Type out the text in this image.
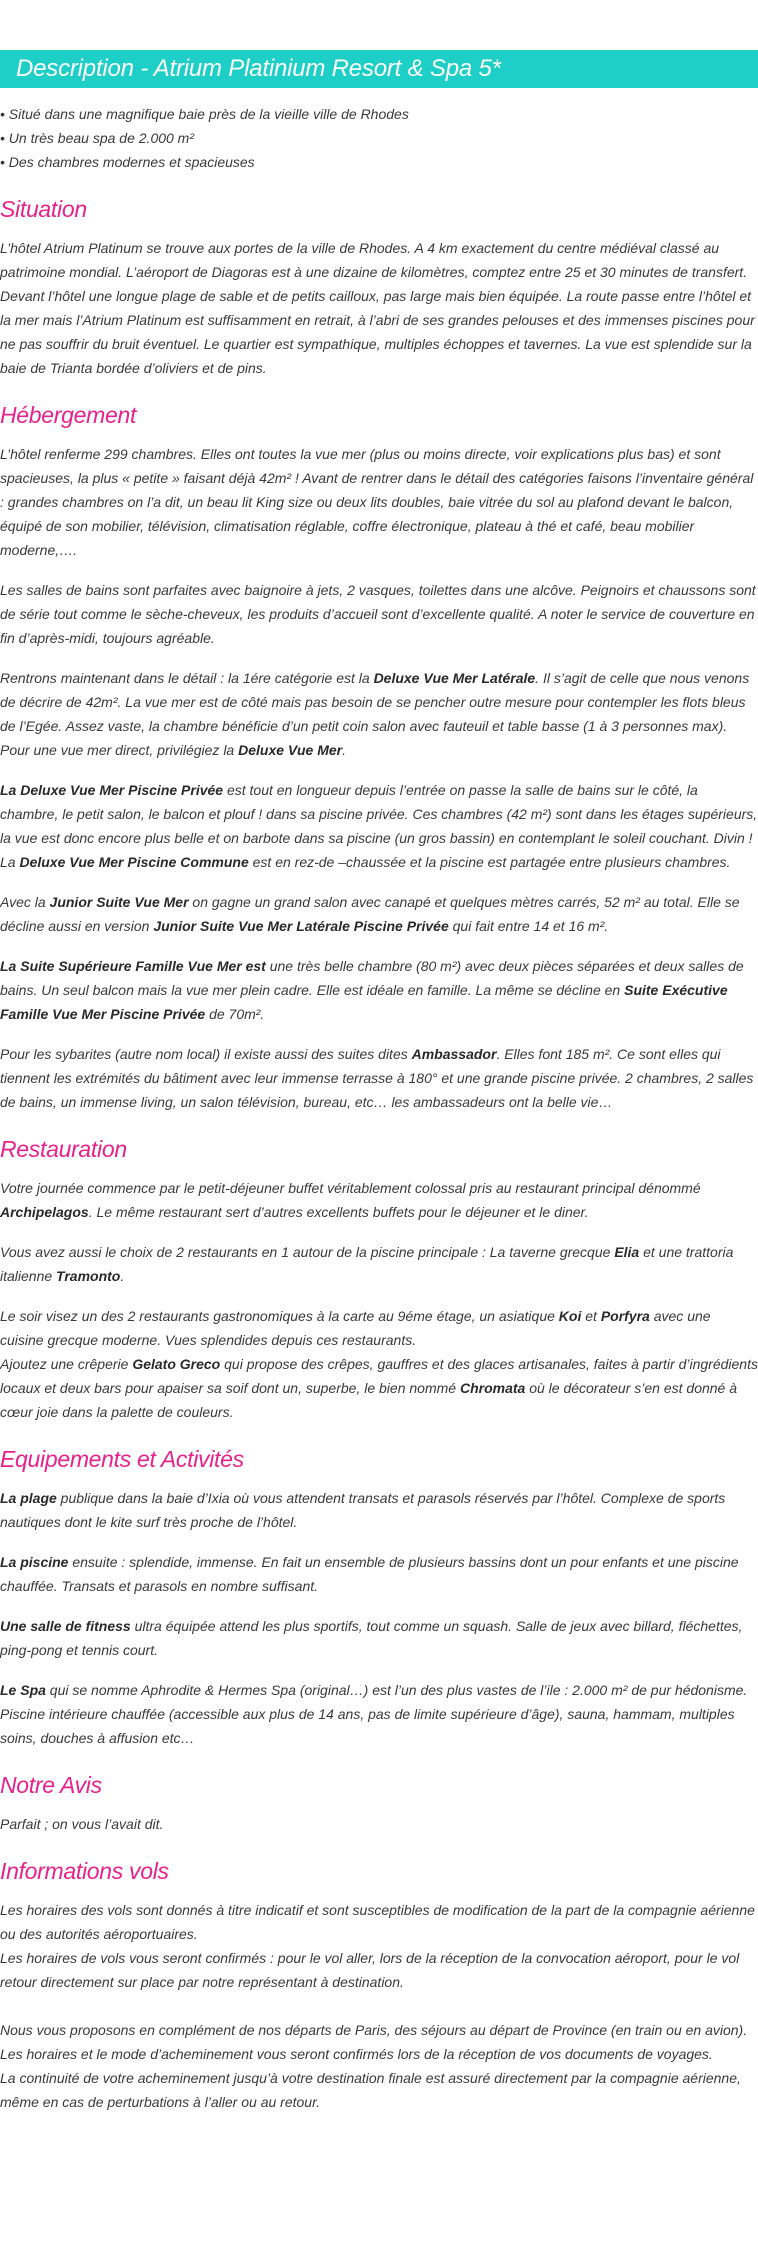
Description - Atrium Platinium Resort & Spa 5*
• Situé dans une magnifique baie près de la vieille ville de Rhodes
• Un très beau spa de 2.000 m²
• Des chambres modernes et spacieuses
Situation

L’hôtel Atrium Platinum se trouve aux portes de la ville de Rhodes. A 4 km exactement du centre médiéval classé au patrimoine mondial. L’aéroport de Diagoras est à une dizaine de kilomètres, comptez entre 25 et 30 minutes de transfert. Devant l’hôtel une longue plage de sable et de petits cailloux, pas large mais bien équipée. La route passe entre l’hôtel et la mer mais l’Atrium Platinum est suffisamment en retrait, à l’abri de ses grandes pelouses et des immenses piscines pour ne pas souffrir du bruit éventuel. Le quartier est sympathique, multiples échoppes et tavernes. La vue est splendide sur la baie de Trianta bordée d’oliviers et de pins.

Hébergement

L’hôtel renferme 299 chambres. Elles ont toutes la vue mer (plus ou moins directe, voir explications plus bas) et sont spacieuses, la plus « petite » faisant déjà 42m² ! Avant de rentrer dans le détail des catégories faisons l’inventaire général : grandes chambres on l’a dit, un beau lit King size ou deux lits doubles, baie vitrée du sol au plafond devant le balcon, équipé de son mobilier, télévision, climatisation réglable, coffre électronique, plateau à thé et café, beau mobilier moderne,….

Les salles de bains sont parfaites avec baignoire à jets, 2 vasques, toilettes dans une alcôve. Peignoirs et chaussons sont de série tout comme le sèche-cheveux, les produits d’accueil sont d’excellente qualité. A noter le service de couverture en fin d’après-midi, toujours agréable.

Rentrons maintenant dans le détail : la 1ére catégorie est la Deluxe Vue Mer Latérale. Il s’agit de celle que nous venons de décrire de 42m². La vue mer est de côté mais pas besoin de se pencher outre mesure pour contempler les flots bleus de l’Egée. Assez vaste, la chambre bénéficie d’un petit coin salon avec fauteuil et table basse (1 à 3 personnes max). Pour une vue mer direct, privilégiez la Deluxe Vue Mer.

La Deluxe Vue Mer Piscine Privée est tout en longueur depuis l’entrée on passe la salle de bains sur le côté, la chambre, le petit salon, le balcon et plouf ! dans sa piscine privée. Ces chambres (42 m²) sont dans les étages supérieurs, la vue est donc encore plus belle et on barbote dans sa piscine (un gros bassin) en contemplant le soleil couchant. Divin ! La Deluxe Vue Mer Piscine Commune est en rez-de –chaussée et la piscine est partagée entre plusieurs chambres.

Avec la Junior Suite Vue Mer on gagne un grand salon avec canapé et quelques mètres carrés, 52 m² au total. Elle se décline aussi en version Junior Suite Vue Mer Latérale Piscine Privée qui fait entre 14 et 16 m².

La Suite Supérieure Famille Vue Mer est une très belle chambre (80 m²) avec deux pièces séparées et deux salles de bains. Un seul balcon mais la vue mer plein cadre. Elle est idéale en famille. La même se décline en Suite Exécutive Famille Vue Mer Piscine Privée de 70m².

Pour les sybarites (autre nom local) il existe aussi des suites dites Ambassador. Elles font 185 m². Ce sont elles qui tiennent les extrémités du bâtiment avec leur immense terrasse à 180° et une grande piscine privée. 2 chambres, 2 salles de bains, un immense living, un salon télévision, bureau, etc… les ambassadeurs ont la belle vie…

Restauration

Votre journée commence par le petit-déjeuner buffet véritablement colossal pris au restaurant principal dénommé Archipelagos. Le même restaurant sert d’autres excellents buffets pour le déjeuner et le diner.

Vous avez aussi le choix de 2 restaurants en 1 autour de la piscine principale : La taverne grecque Elia et une trattoria italienne Tramonto.

Le soir visez un des 2 restaurants gastronomiques à la carte au 9éme étage, un asiatique Koi et Porfyra avec une cuisine grecque moderne. Vues splendides depuis ces restaurants.

Ajoutez une crêperie Gelato Greco qui propose des crêpes, gauffres et des glaces artisanales, faites à partir d’ingrédients locaux et deux bars pour apaiser sa soif dont un, superbe, le bien nommé Chromata où le décorateur s’en est donné à cœur joie dans la palette de couleurs.

Equipements et Activités

La plage publique dans la baie d’Ixia où vous attendent transats et parasols réservés par l’hôtel. Complexe de sports nautiques dont le kite surf très proche de l’hôtel.

La piscine ensuite : splendide, immense. En fait un ensemble de plusieurs bassins dont un pour enfants et une piscine chauffée. Transats et parasols en nombre suffisant.

Une salle de fitness ultra équipée attend les plus sportifs, tout comme un squash. Salle de jeux avec billard, fléchettes, ping-pong et tennis court.

Le Spa qui se nomme Aphrodite & Hermes Spa (original…) est l’un des plus vastes de l’ile : 2.000 m² de pur hédonisme. Piscine intérieure chauffée (accessible aux plus de 14 ans, pas de limite supérieure d’âge), sauna, hammam, multiples soins, douches à affusion etc…

Notre Avis

Parfait ; on vous l’avait dit.

Informations vols

Les horaires des vols sont donnés à titre indicatif et sont susceptibles de modification de la part de la compagnie aérienne ou des autorités aéroportuaires.

Les horaires de vols vous seront confirmés : pour le vol aller, lors de la réception de la convocation aéroport, pour le vol retour directement sur place par notre représentant à destination.

Nous vous proposons en complément de nos départs de Paris, des séjours au départ de Province (en train ou en avion).

Les horaires et le mode d’acheminement vous seront confirmés lors de la réception de vos documents de voyages.

La continuité de votre acheminement jusqu’à votre destination finale est assuré directement par la compagnie aérienne, même en cas de perturbations à l’aller ou au retour.
